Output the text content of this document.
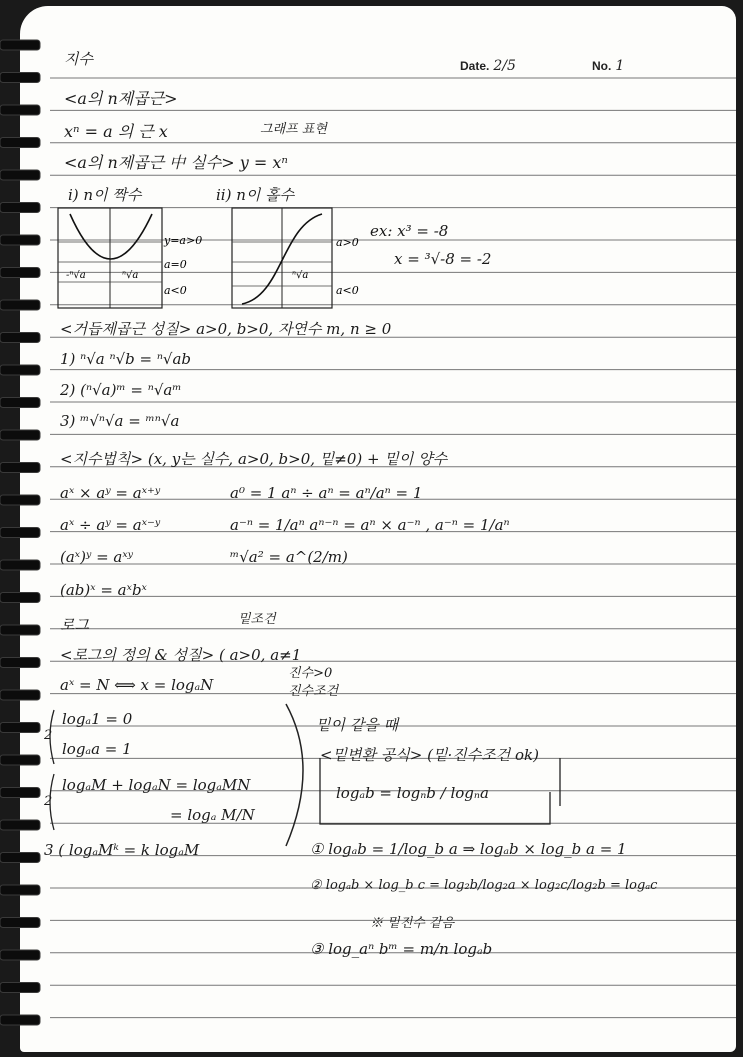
지수	Date. 2/5	No. 1
<a의 n제곱근>
xⁿ = a 의 근 x
<a의 n제곱근 中 실수> y = xⁿ
그래프 표현
i) n이 짝수	ii) n이 홀수
ex: x³ = -8
x = ³√-8 = -2
-ⁿ√a	ⁿ√a
y=a>0
a=0
a<0
ⁿ√a
a>0
a<0
<거듭제곱근 성질> a>0, b>0, 자연수 m, n ≥ 0
1) ⁿ√a ⁿ√b = ⁿ√ab
2) (ⁿ√a)ᵐ = ⁿ√aᵐ
3) ᵐ√ⁿ√a = ᵐⁿ√a
<지수법칙> (x, y는 실수, a>0, b>0, 밑≠0) + 밑이 양수
aˣ × aʸ = aˣ⁺ʸ	a⁰ = 1 aⁿ ÷ aⁿ = aⁿ/aⁿ = 1
aˣ ÷ aʸ = aˣ⁻ʸ	a⁻ⁿ = 1/aⁿ aⁿ⁻ⁿ = aⁿ × a⁻ⁿ , a⁻ⁿ = 1/aⁿ
(aˣ)ʸ = aˣʸ	ᵐ√a² = a^(2/m)
(ab)ˣ = aˣbˣ
로그	밑조건
<로그의 정의 & 성질> ( a>0, a≠1
aˣ = N ⟺ x = logₐN
진수>0
진수조건
2
logₐ1 = 0
logₐa = 1
2
logₐM + logₐN = logₐMN
= logₐ M/N
3 ( logₐMᵏ = k logₐM
밑이 같을 때
<밑변환 공식> (밑·진수조건 ok)
logₐb = logₙb / logₙa
① logₐb = 1/log_b a ⇒ logₐb × log_b a = 1
② logₐb × log_b c = log₂b/log₂a × log₂c/log₂b = logₐc
※ 밑진수 같음
③ log_aⁿ bᵐ = m/n logₐb
